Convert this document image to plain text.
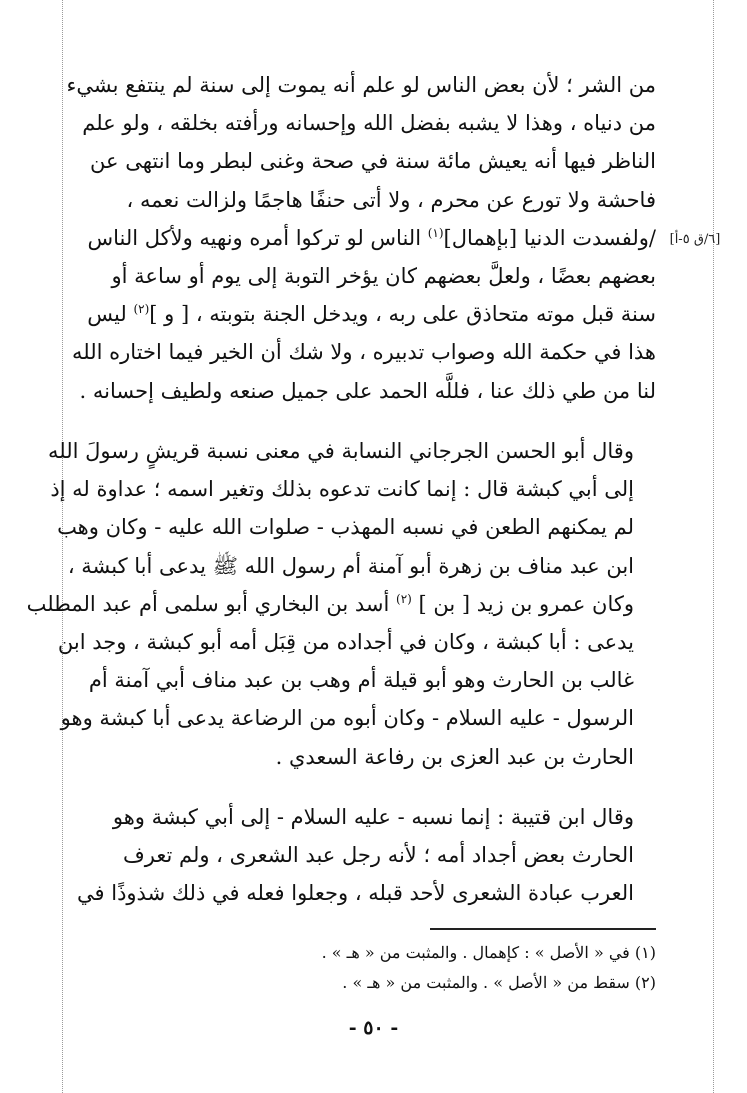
[٦/ق ٥-أ]
من الشر ؛ لأن بعض الناس لو علم أنه يموت إلى سنة لم ينتفع بشيء
من دنياه ، وهذا لا يشبه بفضل الله وإحسانه ورأفته بخلقه ، ولو علم
الناظر فيها أنه يعيش مائة سنة في صحة وغنى لبطر وما انتهى عن
فاحشة ولا تورع عن محرم ، ولا أتى حنفًا هاجمًا ولزالت نعمه ،
/ولفسدت الدنيا [بإهمال]$^{(١)}$ الناس لو تركوا أمره ونهيه ولأكل الناس
بعضهم بعضًا ، ولعلَّ بعضهم كان يؤخر التوبة إلى يوم أو ساعة أو
سنة قبل موته متحاذق على ربه ، ويدخل الجنة بتوبته ، [ و ]$^{(٢)}$ ليس
هذا في حكمة الله وصواب تدبيره ، ولا شك أن الخير فيما اختاره الله
لنا من طي ذلك عنا ، فللَّه الحمد على جميل صنعه ولطيف إحسانه .
وقال أبو الحسن الجرجاني النسابة في معنى نسبة قريشٍ رسولَ الله
إلى أبي كبشة قال : إنما كانت تدعوه بذلك وتغير اسمه ؛ عداوة له إذ
لم يمكنهم الطعن في نسبه المهذب - صلوات الله عليه - وكان وهب
ابن عبد مناف بن زهرة أبو آمنة أم رسول الله ﷺ يدعى أبا كبشة ،
وكان عمرو بن زيد [ بن ] $^{(٢)}$ أسد بن البخاري أبو سلمى أم عبد المطلب
يدعى : أبا كبشة ، وكان في أجداده من قِبَل أمه أبو كبشة ، وجد ابن
غالب بن الحارث وهو أبو قيلة أم وهب بن عبد مناف أبي آمنة أم
الرسول - عليه السلام - وكان أبوه من الرضاعة يدعى أبا كبشة وهو
الحارث بن عبد العزى بن رفاعة السعدي .
وقال ابن قتيبة : إنما نسبه - عليه السلام - إلى أبي كبشة وهو
الحارث بعض أجداد أمه ؛ لأنه رجل عبد الشعرى ، ولم تعرف
العرب عبادة الشعرى لأحد قبله ، وجعلوا فعله في ذلك شذوذًا في
(١) في « الأصل » : كإهمال . والمثبت من « هـ » .
(٢) سقط من « الأصل » . والمثبت من « هـ » .
- ٥٠ -
